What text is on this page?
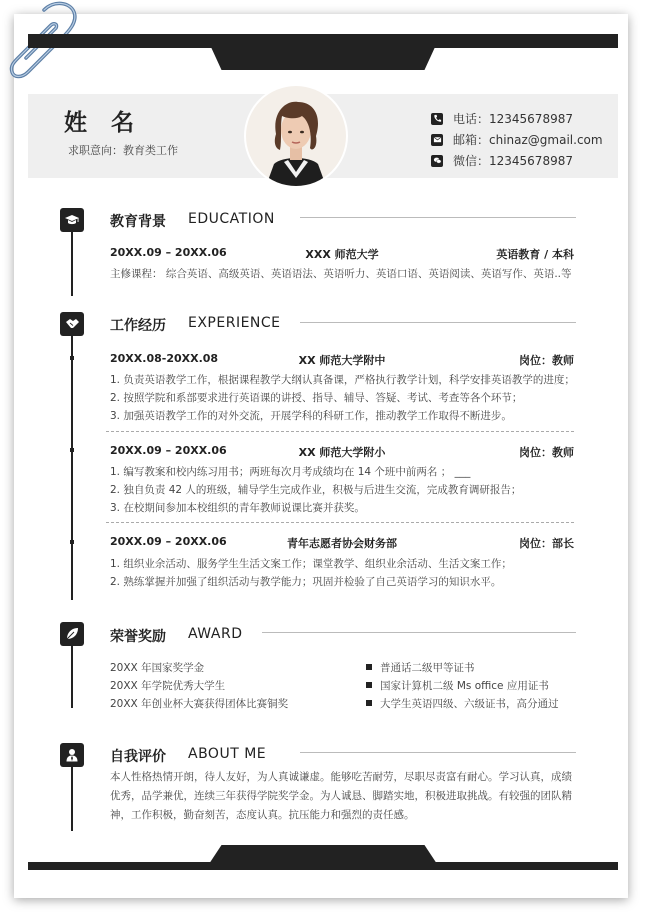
姓 名
求职意向：教育类工作
电话：12345678987
邮箱：chinaz@gmail.com
微信：12345678987
教育背景 EDUCATION
20XX.09 – 20XX.06	XXX 师范大学	英语教育 / 本科
主修课程： 综合英语、高级英语、英语语法、英语听力、英语口语、英语阅读、英语写作、英语..等
工作经历 EXPERIENCE
20XX.08-20XX.08	XX 师范大学附中	岗位：教师
1. 负责英语教学工作，根据课程教学大纲认真备课，严格执行教学计划，科学安排英语教学的进度；
2. 按照学院和系部要求进行英语课的讲授、指导、辅导、答疑、考试、考查等各个环节；
3. 加强英语教学工作的对外交流，开展学科的科研工作，推动教学工作取得不断进步。
20XX.09 – 20XX.06	XX 师范大学附小	岗位：教师
1. 编写教案和校内练习用书；两班每次月考成绩均在 14 个班中前两名 ； ___
2. 独自负责 42 人的班级，辅导学生完成作业，积极与后进生交流，完成教育调研报告；
3. 在校期间参加本校组织的青年教师说课比赛并获奖。
20XX.09 – 20XX.06	青年志愿者协会财务部	岗位：部长
1. 组织业余活动、服务学生生活文案工作；课堂教学、组织业余活动、生活文案工作；
2. 熟练掌握并加强了组织活动与教学能力；巩固并检验了自己英语学习的知识水平。
荣誉奖励 AWARD
20XX 年国家奖学金
20XX 年学院优秀大学生
20XX 年创业杯大赛获得团体比赛铜奖
普通话二级甲等证书
国家计算机二级 Ms office 应用证书
大学生英语四级、六级证书，高分通过
自我评价 ABOUT ME
本人性格热情开朗，待人友好，为人真诚谦虚。能够吃苦耐劳，尽职尽责富有耐心。学习认真，成绩优秀，品学兼优，连续三年获得学院奖学金。为人诚恳、脚踏实地，积极进取挑战。有较强的团队精神，工作积极，勤奋刻苦，态度认真。抗压能力和强烈的责任感。
